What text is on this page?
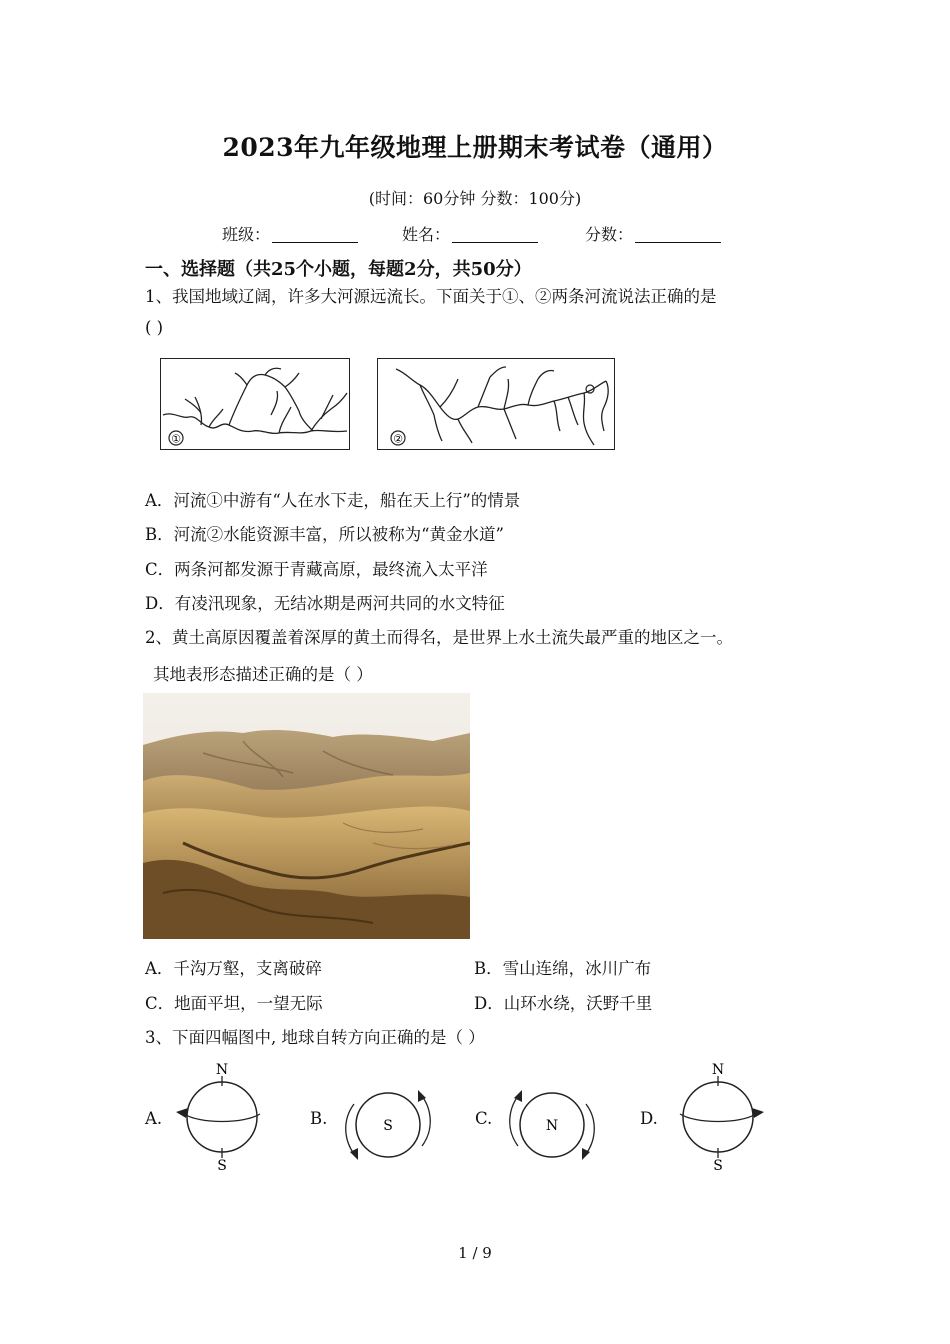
2023年九年级地理上册期末考试卷（通用）
(时间：60分钟 分数：100分)
班级：	姓名：	分数：
一、选择题（共25个小题，每题2分，共50分）
1、我国地域辽阔，许多大河源远流长。下面关于①、②两条河流说法正确的是
( )
①	②
A．河流①中游有“人在水下走，船在天上行”的情景
B．河流②水能资源丰富，所以被称为“黄金水道”
C．两条河都发源于青藏高原，最终流入太平洋
D．有凌汛现象，无结冰期是两河共同的水文特征
2、黄土高原因覆盖着深厚的黄土而得名，是世界上水土流失最严重的地区之一。
其地表形态描述正确的是（ ）
A．千沟万壑，支离破碎	B．雪山连绵，冰川广布
C．地面平坦，一望无际	D．山环水绕，沃野千里
3、下面四幅图中, 地球自转方向正确的是（ ）
A.	B.	C.	D.
N
S
S	N
N
S
1 / 9
